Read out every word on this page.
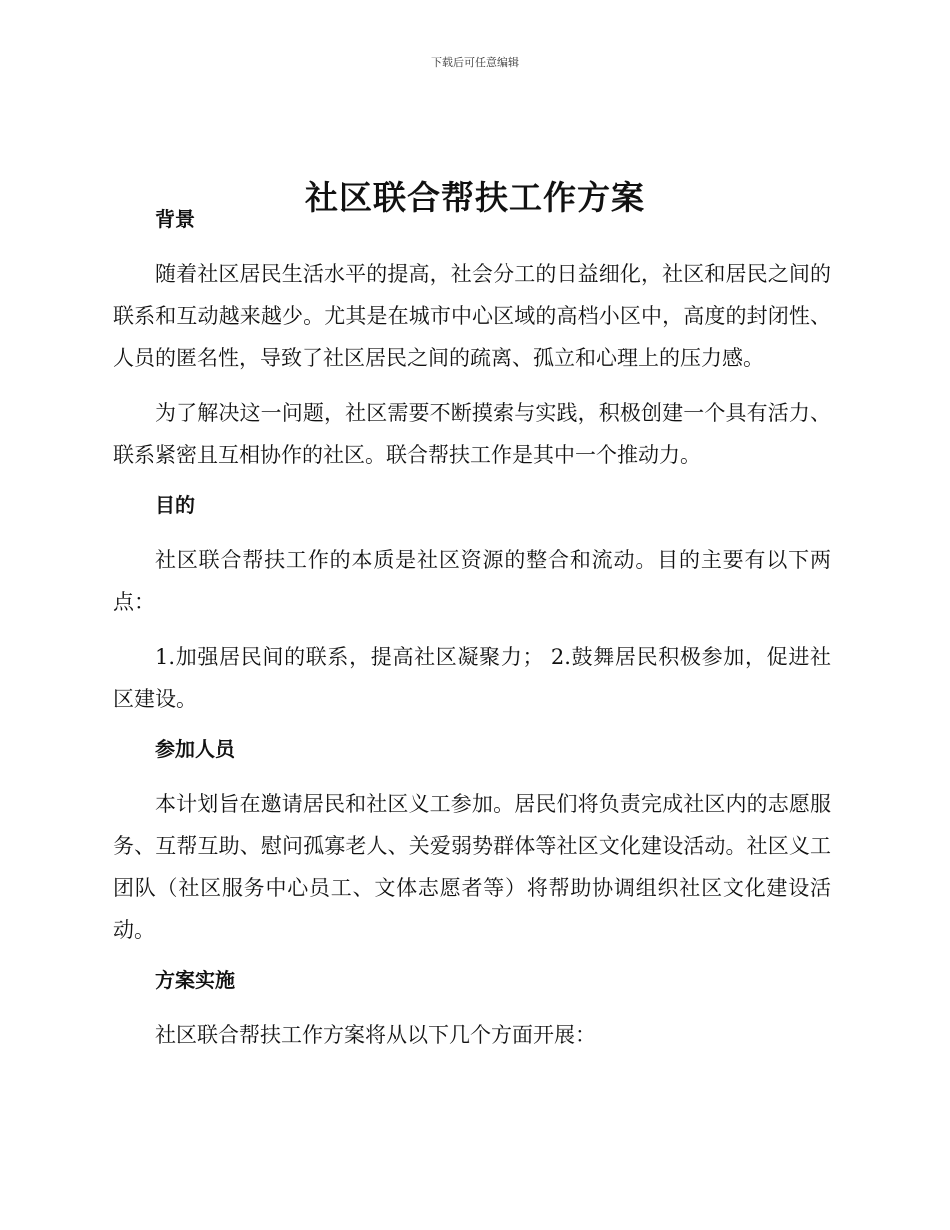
下载后可任意编辑
社区联合帮扶工作方案
背景

随着社区居民生活水平的提高，社会分工的日益细化，社区和居民之间的联系和互动越来越少。尤其是在城市中心区域的高档小区中，高度的封闭性、人员的匿名性，导致了社区居民之间的疏离、孤立和心理上的压力感。

为了解决这一问题，社区需要不断摸索与实践，积极创建一个具有活力、联系紧密且互相协作的社区。联合帮扶工作是其中一个推动力。

目的

社区联合帮扶工作的本质是社区资源的整合和流动。目的主要有以下两点：

1.加强居民间的联系，提高社区凝聚力； 2.鼓舞居民积极参加，促进社区建设。

参加人员

本计划旨在邀请居民和社区义工参加。居民们将负责完成社区内的志愿服务、互帮互助、慰问孤寡老人、关爱弱势群体等社区文化建设活动。社区义工团队（社区服务中心员工、文体志愿者等）将帮助协调组织社区文化建设活动。

方案实施

社区联合帮扶工作方案将从以下几个方面开展：
